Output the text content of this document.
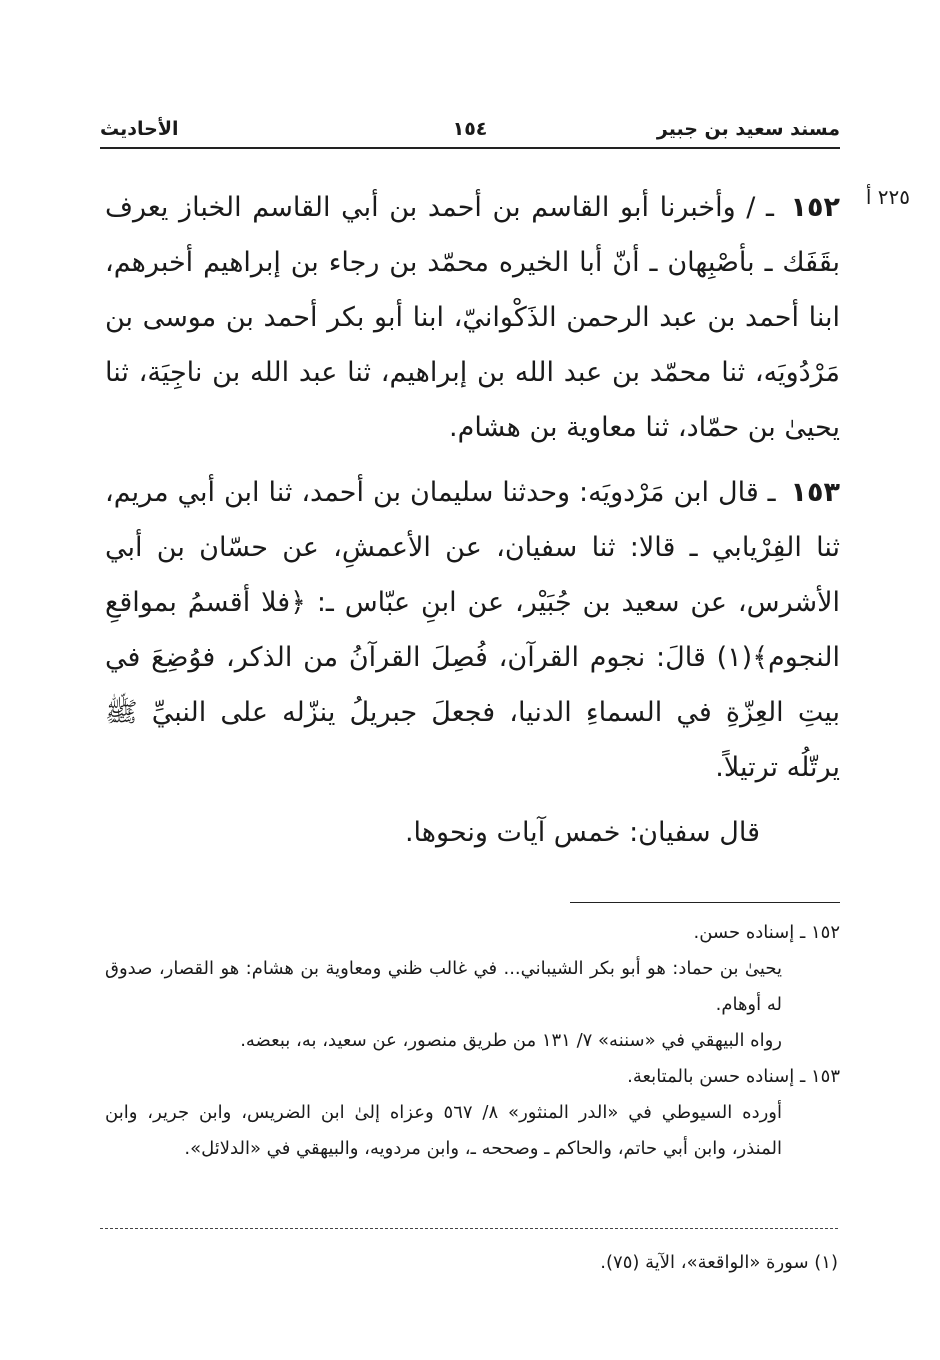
مسند سعيد بن جبير
١٥٤
الأحاديث
٢٢٥ أ

١٥٢ ـ / وأخبرنا أبو القاسم بن أحمد بن أبي القاسم الخباز يعرف بقَفَك ـ بأصْبِهان ـ أنّ أبا الخيره محمّد بن رجاء بن إبراهيم أخبرهم، ابنا أحمد بن عبد الرحمن الذَكْوانيّ، ابنا أبو بكر أحمد بن موسى بن مَرْدُويَه، ثنا محمّد بن عبد الله بن إبراهيم، ثنا عبد الله بن ناجِيَة، ثنا يحيىٰ بن حمّاد، ثنا معاوية بن هشام.

١٥٣ ـ قال ابن مَرْدويَه: وحدثنا سليمان بن أحمد، ثنا ابن أبي مريم، ثنا الفِرْيابي ـ قالا: ثنا سفيان، عن الأعمشِ، عن حسّان بن أبي الأشرس، عن سعيد بن جُبَيْر، عن ابنِ عبّاس ـ: ﴿فلا أقسمُ بمواقعِ النجوم﴾(١) قالَ: نجوم القرآن، فُصِلَ القرآنُ من الذكر، فوُضِعَ في بيتِ العِزّةِ في السماءِ الدنيا، فجعلَ جبريلُ ينزّله على النبيِّ ﷺ يرتّلُه ترتيلاً.

قال سفيان: خمس آيات ونحوها.

١٥٢ ـ إسناده حسن.

يحيىٰ بن حماد: هو أبو بكر الشيباني... في غالب ظني ومعاوية بن هشام: هو القصار، صدوق له أوهام.

رواه البيهقي في «سننه» ٧/ ١٣١ من طريق منصور، عن سعيد، به، ببعضه.

١٥٣ ـ إسناده حسن بالمتابعة.

أورده السيوطي في «الدر المنثور» ٨/ ٥٦٧ وعزاه إلىٰ ابن الضريس، وابن جرير، وابن المنذر، وابن أبي حاتم، والحاكم ـ وصححه ـ، وابن مردويه، والبيهقي في «الدلائل».

(١) سورة «الواقعة»، الآية (٧٥).
